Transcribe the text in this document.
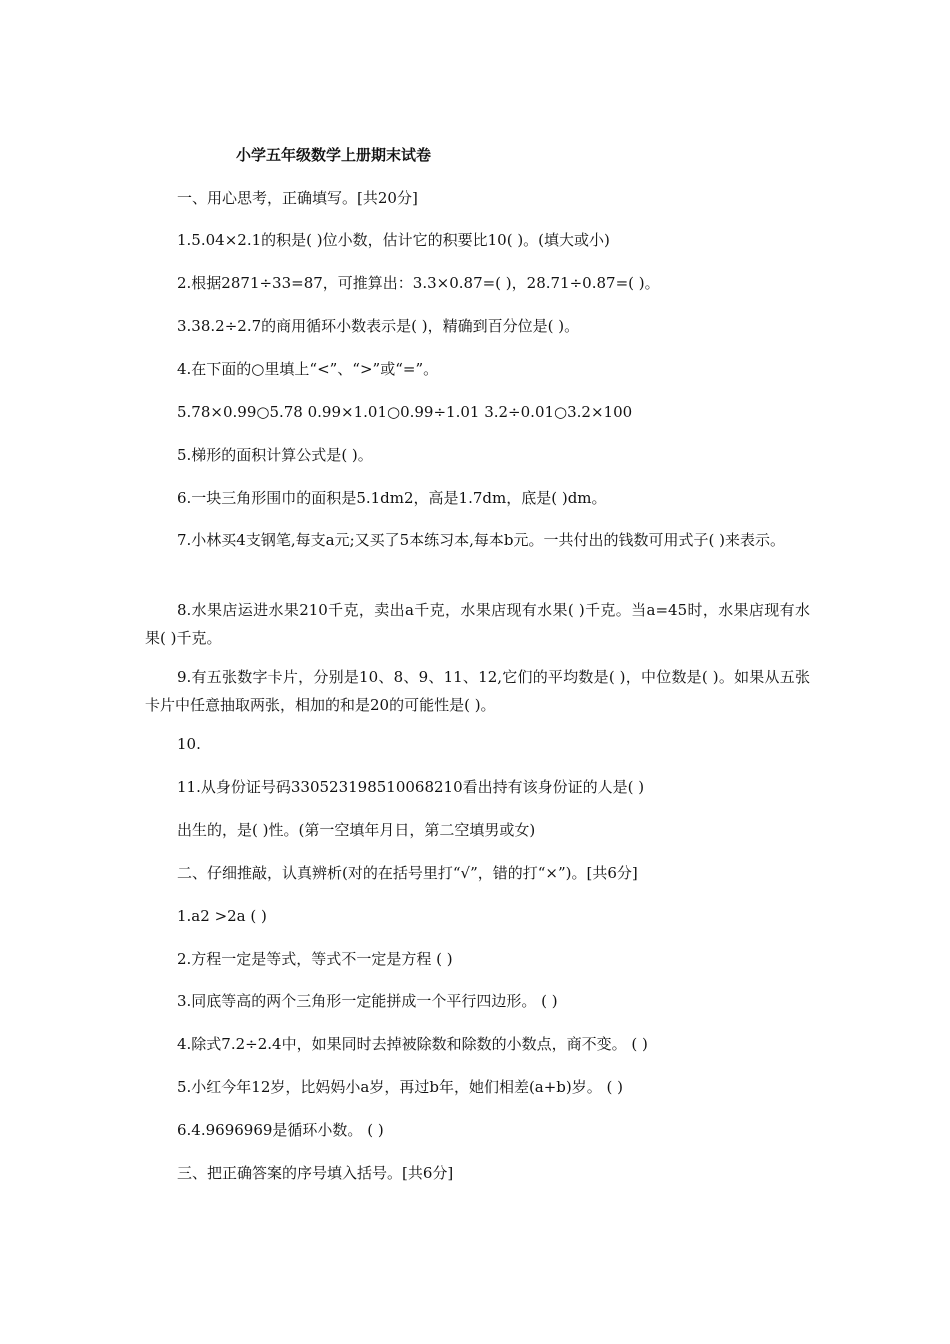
小学五年级数学上册期末试卷
一、用心思考，正确填写。[共20分]
1.5.04×2.1的积是( )位小数，估计它的积要比10( )。(填大或小)
2.根据2871÷33=87，可推算出：3.3×0.87=( )，28.71÷0.87=( )。
3.38.2÷2.7的商用循环小数表示是( )，精确到百分位是( )。
4.在下面的○里填上“<”、“>”或“=”。
5.78×0.99○5.78 0.99×1.01○0.99÷1.01 3.2÷0.01○3.2×100
5.梯形的面积计算公式是( )。
6.一块三角形围巾的面积是5.1dm2，高是1.7dm，底是( )dm。
7.小林买4支钢笔,每支a元;又买了5本练习本,每本b元。一共付出的钱数可用式子( )来表示。
8.水果店运进水果210千克，卖出a千克，水果店现有水果( )千克。当a=45时，水果店现有水果( )千克。
9.有五张数字卡片，分别是10、8、9、11、12,它们的平均数是( )，中位数是( )。如果从五张卡片中任意抽取两张，相加的和是20的可能性是( )。
10.
11.从身份证号码330523198510068210看出持有该身份证的人是( )
出生的，是( )性。(第一空填年月日，第二空填男或女)
二、仔细推敲，认真辨析(对的在括号里打“√”，错的打“×”)。[共6分]
1.a2 >2a ( )
2.方程一定是等式，等式不一定是方程 ( )
3.同底等高的两个三角形一定能拼成一个平行四边形。 ( )
4.除式7.2÷2.4中，如果同时去掉被除数和除数的小数点，商不变。 ( )
5.小红今年12岁，比妈妈小a岁，再过b年，她们相差(a+b)岁。 ( )
6.4.9696969是循环小数。 ( )
三、把正确答案的序号填入括号。[共6分]
